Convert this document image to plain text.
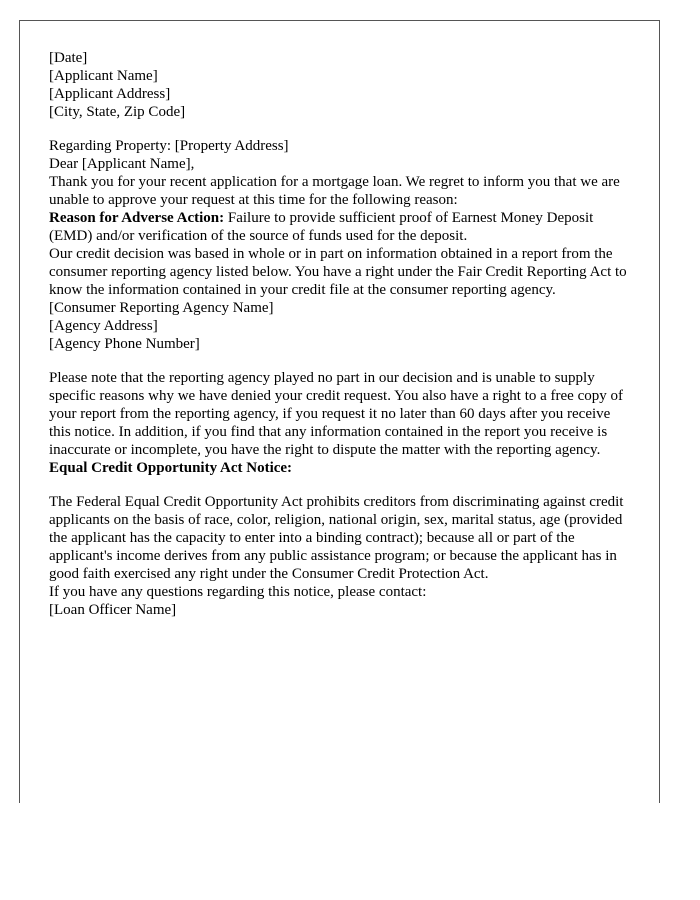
[Date]

[Applicant Name]
[Applicant Address]
[City, State, Zip Code]

Regarding Property: [Property Address]

Dear [Applicant Name],

Thank you for your recent application for a mortgage loan. We regret to inform you that we are unable to approve your request at this time for the following reason:

Reason for Adverse Action: Failure to provide sufficient proof of Earnest Money Deposit (EMD) and/or verification of the source of funds used for the deposit.

Our credit decision was based in whole or in part on information obtained in a report from the consumer reporting agency listed below. You have a right under the Fair Credit Reporting Act to know the information contained in your credit file at the consumer reporting agency.

[Consumer Reporting Agency Name]
[Agency Address]
[Agency Phone Number]

Please note that the reporting agency played no part in our decision and is unable to supply specific reasons why we have denied your credit request. You also have a right to a free copy of your report from the reporting agency, if you request it no later than 60 days after you receive this notice. In addition, if you find that any information contained in the report you receive is inaccurate or incomplete, you have the right to dispute the matter with the reporting agency.

Equal Credit Opportunity Act Notice:

The Federal Equal Credit Opportunity Act prohibits creditors from discriminating against credit applicants on the basis of race, color, religion, national origin, sex, marital status, age (provided the applicant has the capacity to enter into a binding contract); because all or part of the applicant's income derives from any public assistance program; or because the applicant has in good faith exercised any right under the Consumer Credit Protection Act.

If you have any questions regarding this notice, please contact:

[Loan Officer Name]
